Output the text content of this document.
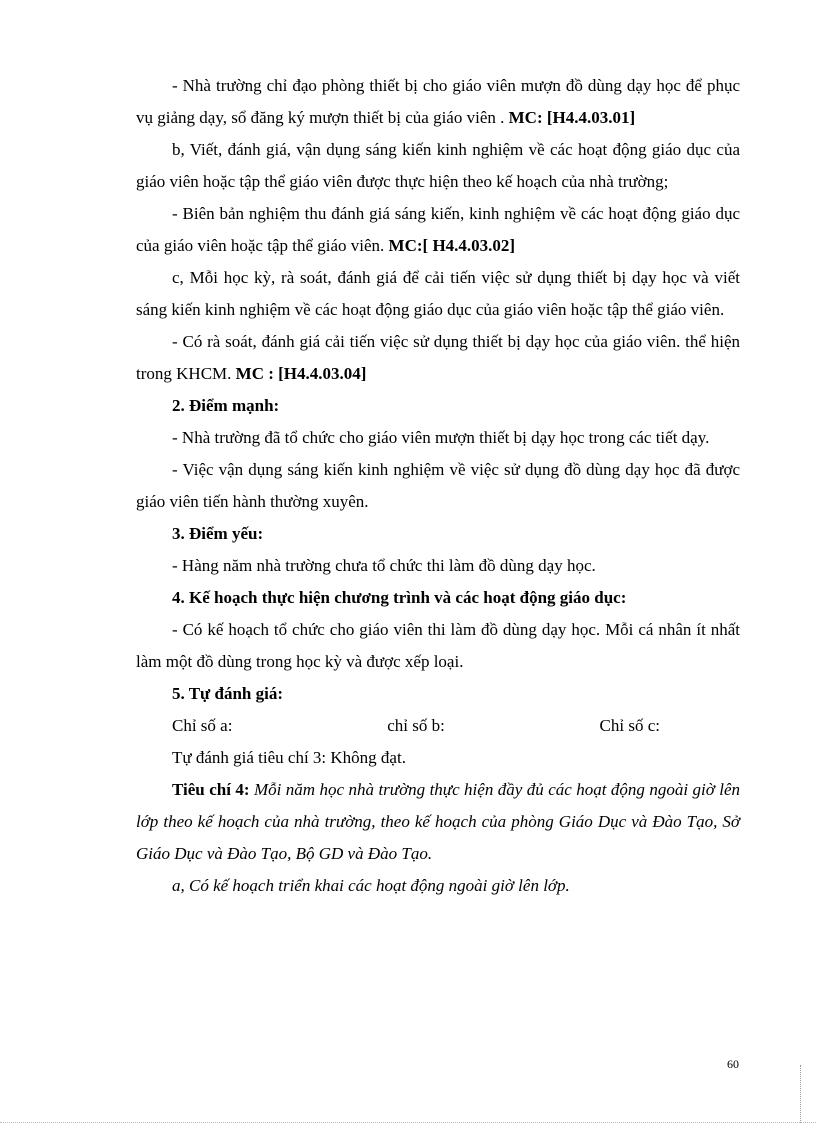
- Nhà trường chỉ đạo phòng thiết bị cho giáo viên mượn đồ dùng dạy học để phục vụ giảng dạy, sổ đăng ký mượn thiết bị của giáo viên . MC: [H4.4.03.01]

b, Viết, đánh giá, vận dụng sáng kiến kinh nghiệm về các hoạt động giáo dục của giáo viên hoặc tập thể giáo viên được thực hiện theo kế hoạch của nhà trường;

- Biên bản nghiệm thu đánh giá sáng kiến, kinh nghiệm về các hoạt động giáo dục của giáo viên hoặc tập thể giáo viên. MC:[ H4.4.03.02]

c, Mỗi học kỳ, rà soát, đánh giá để cải tiến việc sử dụng thiết bị dạy học và viết sáng kiến kinh nghiệm về các hoạt động giáo dục của giáo viên hoặc tập thể giáo viên.

- Có rà soát, đánh giá cải tiến việc sử dụng thiết bị dạy học của giáo viên. thể hiện trong KHCM. MC : [H4.4.03.04]

2. Điểm mạnh:

- Nhà trường đã tổ chức cho giáo viên mượn thiết bị dạy học trong các tiết dạy.

- Việc vận dụng sáng kiến kinh nghiệm về việc sử dụng đồ dùng dạy học đã được giáo viên tiến hành thường xuyên.

3. Điểm yếu:

- Hàng năm nhà trường chưa tổ chức thi làm đồ dùng dạy học.

4. Kế hoạch thực hiện chương trình và các hoạt động giáo dục:

- Có kế hoạch tổ chức cho giáo viên thi làm đồ dùng dạy học. Mỗi cá nhân ít nhất làm một đồ dùng trong học kỳ và được xếp loại.

5. Tự đánh giá:

Chỉ số a:	chỉ số b:	Chỉ số c:

Tự đánh giá tiêu chí 3: Không đạt.

Tiêu chí 4: Mỗi năm học nhà trường thực hiện đầy đủ các hoạt động ngoài giờ lên lớp theo kế hoạch của nhà trường, theo kế hoạch của phòng Giáo Dục và Đào Tạo, Sở Giáo Dục và Đào Tạo, Bộ GD và Đào Tạo.

a, Có kế hoạch triển khai các hoạt động ngoài giờ lên lớp.

60
